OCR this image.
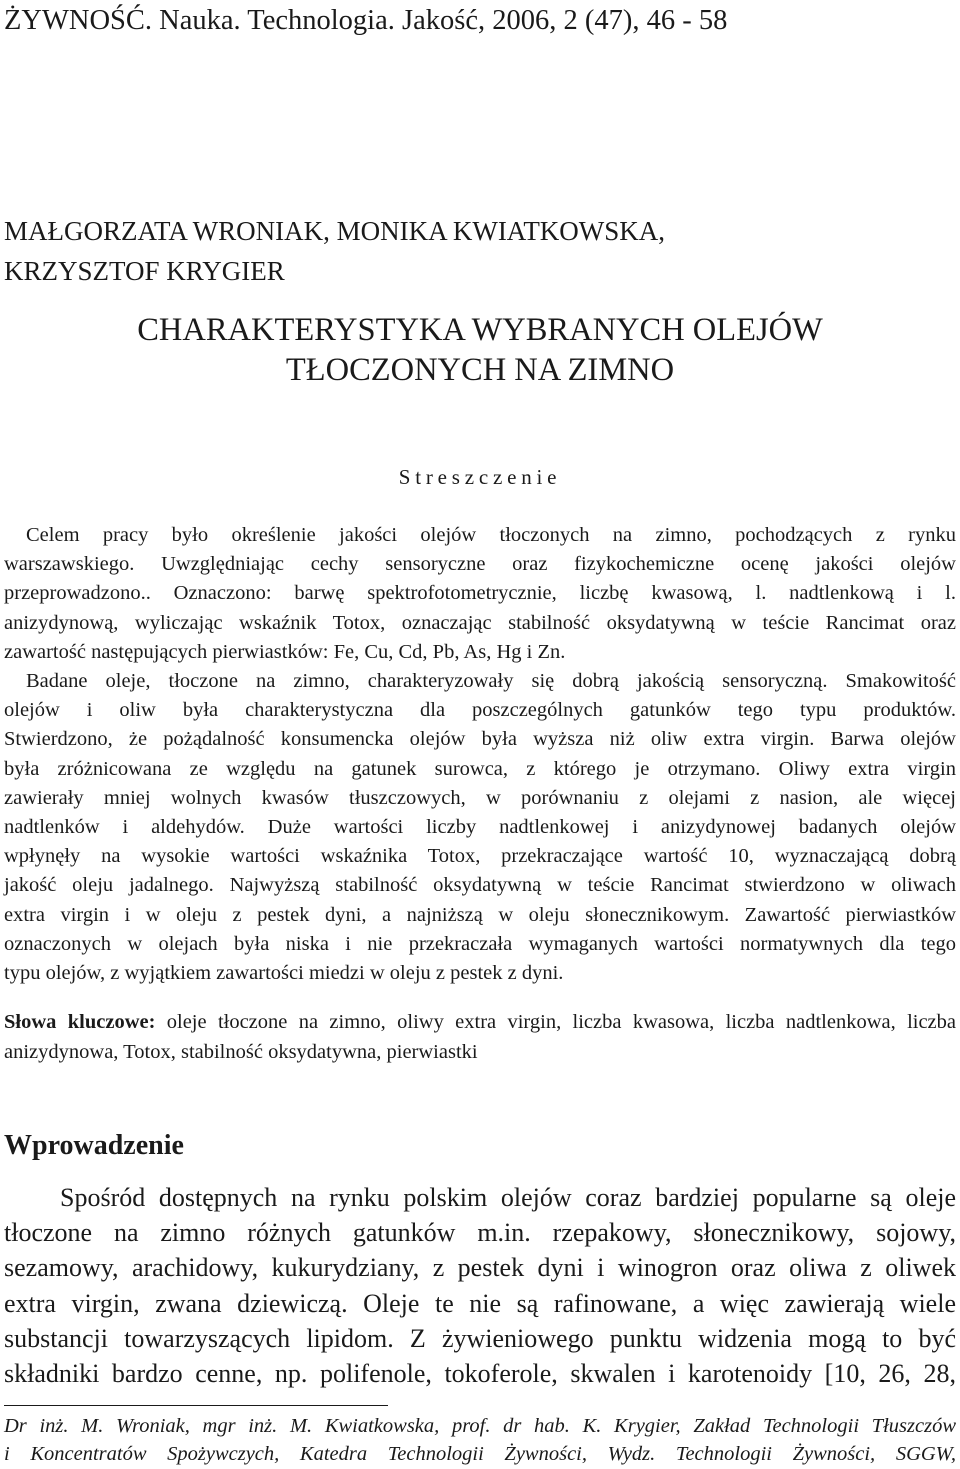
ŻYWNOŚĆ. Nauka. Technologia. Jakość, 2006, 2 (47), 46 - 58
MAŁGORZATA WRONIAK, MONIKA KWIATKOWSKA,
KRZYSZTOF KRYGIER
CHARAKTERYSTYKA WYBRANYCH OLEJÓW
TŁOCZONYCH NA ZIMNO
Streszczenie
Celem pracy było określenie jakości olejów tłoczonych na zimno, pochodzących z rynku
warszawskiego. Uwzględniając cechy sensoryczne oraz fizykochemiczne ocenę jakości olejów
przeprowadzono.. Oznaczono: barwę spektrofotometrycznie, liczbę kwasową, l. nadtlenkową i l.
anizydynową, wyliczając wskaźnik Totox, oznaczając stabilność oksydatywną w teście Rancimat oraz
zawartość następujących pierwiastków: Fe, Cu, Cd, Pb, As, Hg i Zn.
Badane oleje, tłoczone na zimno, charakteryzowały się dobrą jakością sensoryczną. Smakowitość
olejów i oliw była charakterystyczna dla poszczególnych gatunków tego typu produktów.
Stwierdzono, że pożądalność konsumencka olejów była wyższa niż oliw extra virgin. Barwa olejów
była zróżnicowana ze względu na gatunek surowca, z którego je otrzymano. Oliwy extra virgin
zawierały mniej wolnych kwasów tłuszczowych, w porównaniu z olejami z nasion, ale więcej
nadtlenków i aldehydów. Duże wartości liczby nadtlenkowej i anizydynowej badanych olejów
wpłynęły na wysokie wartości wskaźnika Totox, przekraczające wartość 10, wyznaczającą dobrą
jakość oleju jadalnego. Najwyższą stabilność oksydatywną w teście Rancimat stwierdzono w oliwach
extra virgin i w oleju z pestek dyni, a najniższą w oleju słonecznikowym. Zawartość pierwiastków
oznaczonych w olejach była niska i nie przekraczała wymaganych wartości normatywnych dla tego
typu olejów, z wyjątkiem zawartości miedzi w oleju z pestek z dyni.
Słowa kluczowe: oleje tłoczone na zimno, oliwy extra virgin, liczba kwasowa, liczba nadtlenkowa, liczba
anizydynowa, Totox, stabilność oksydatywna, pierwiastki
Wprowadzenie
Spośród dostępnych na rynku polskim olejów coraz bardziej popularne są oleje
tłoczone na zimno różnych gatunków m.in. rzepakowy, słonecznikowy, sojowy,
sezamowy, arachidowy, kukurydziany, z pestek dyni i winogron oraz oliwa z oliwek
extra virgin, zwana dziewiczą. Oleje te nie są rafinowane, a więc zawierają wiele
substancji towarzyszących lipidom. Z żywieniowego punktu widzenia mogą to być
składniki bardzo cenne, np. polifenole, tokoferole, skwalen i karotenoidy [10, 26, 28,
Dr inż. M. Wroniak, mgr inż. M. Kwiatkowska, prof. dr hab. K. Krygier, Zakład Technologii Tłuszczów
i Koncentratów Spożywczych, Katedra Technologii Żywności, Wydz. Technologii Żywności, SGGW,
